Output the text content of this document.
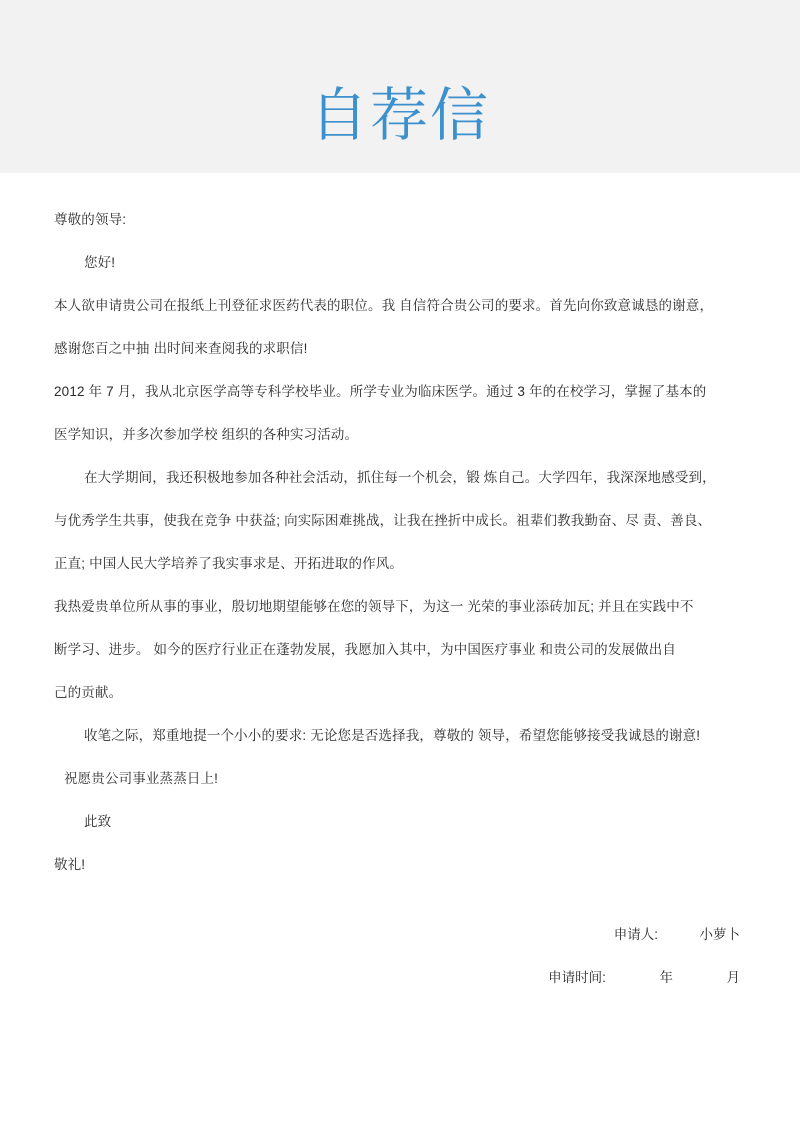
自荐信
尊敬的领导:
您好!
本人欲申请贵公司在报纸上刊登征求医药代表的职位。我 自信符合贵公司的要求。首先向你致意诚恳的谢意，
感谢您百之中抽 出时间来查阅我的求职信!
2012 年 7 月，我从北京医学高等专科学校毕业。所学专业为临床医学。通过 3 年的在校学习，掌握了基本的
医学知识，并多次参加学校 组织的各种实习活动。
在大学期间，我还积极地参加各种社会活动，抓住每一个机会，锻 炼自己。大学四年，我深深地感受到，
与优秀学生共事，使我在竞争 中获益; 向实际困难挑战，让我在挫折中成长。祖辈们教我勤奋、尽 责、善良、
正直; 中国人民大学培养了我实事求是、开拓进取的作风。
我热爱贵单位所从事的事业，殷切地期望能够在您的领导下，为这一 光荣的事业添砖加瓦; 并且在实践中不
断学习、进步。 如今的医疗行业正在蓬勃发展，我愿加入其中，为中国医疗事业 和贵公司的发展做出自
己的贡献。
收笔之际，郑重地提一个小小的要求: 无论您是否选择我，尊敬的 领导，希望您能够接受我诚恳的谢意!
祝愿贵公司事业蒸蒸日上!
此致
敬礼!
申请人:	小萝卜
申请时间:	年	月
